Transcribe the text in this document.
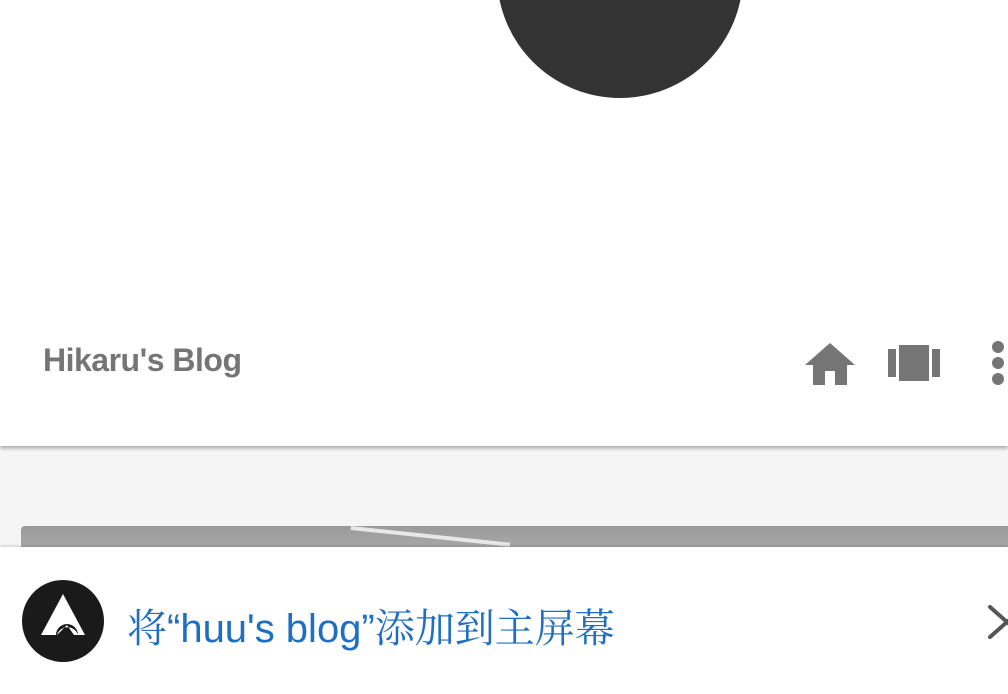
Hikaru's Blog
将“huu's blog”添加到主屏幕
